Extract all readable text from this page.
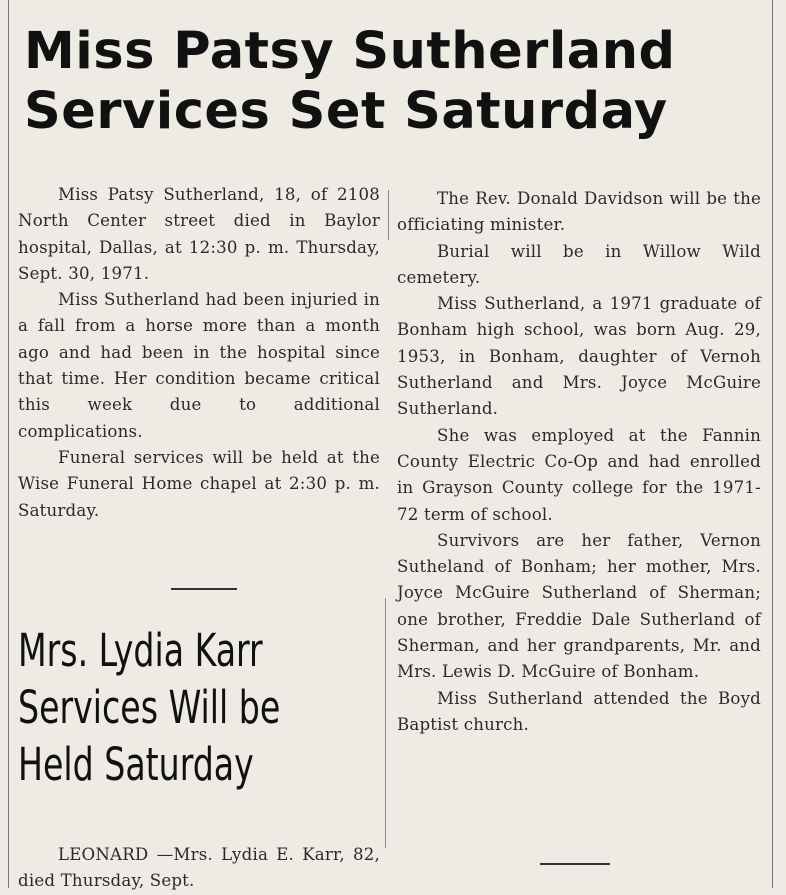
Miss Patsy Sutherland
Services Set Saturday

Miss Patsy Sutherland, 18, of 2108 North Center street died in Baylor hospital, Dallas, at 12:30 p. m. Thursday, Sept. 30, 1971.

Miss Sutherland had been injuried in a fall from a horse more than a month ago and had been in the hospital since that time. Her condition became critical this week due to additional complications.

Funeral services will be held at the Wise Funeral Home chapel at 2:30 p. m. Saturday.

The Rev. Donald Davidson will be the officiating minister.

Burial will be in Willow Wild cemetery.

Miss Sutherland, a 1971 graduate of Bonham high school, was born Aug. 29, 1953, in Bonham, daughter of Vernoh Sutherland and Mrs. Joyce McGuire Sutherland.

She was employed at the Fannin County Electric Co-Op and had enrolled in Grayson County college for the 1971-72 term of school.

Survivors are her father, Vernon Sutheland of Bonham; her mother, Mrs. Joyce McGuire Sutherland of Sherman; one brother, Freddie Dale Sutherland of Sherman, and her grandparents, Mr. and Mrs. Lewis D. McGuire of Bonham.

Miss Sutherland attended the Boyd Baptist church.

Mrs. Lydia Karr
Services Will be
Held Saturday

LEONARD —Mrs. Lydia E. Karr, 82, died Thursday, Sept.
